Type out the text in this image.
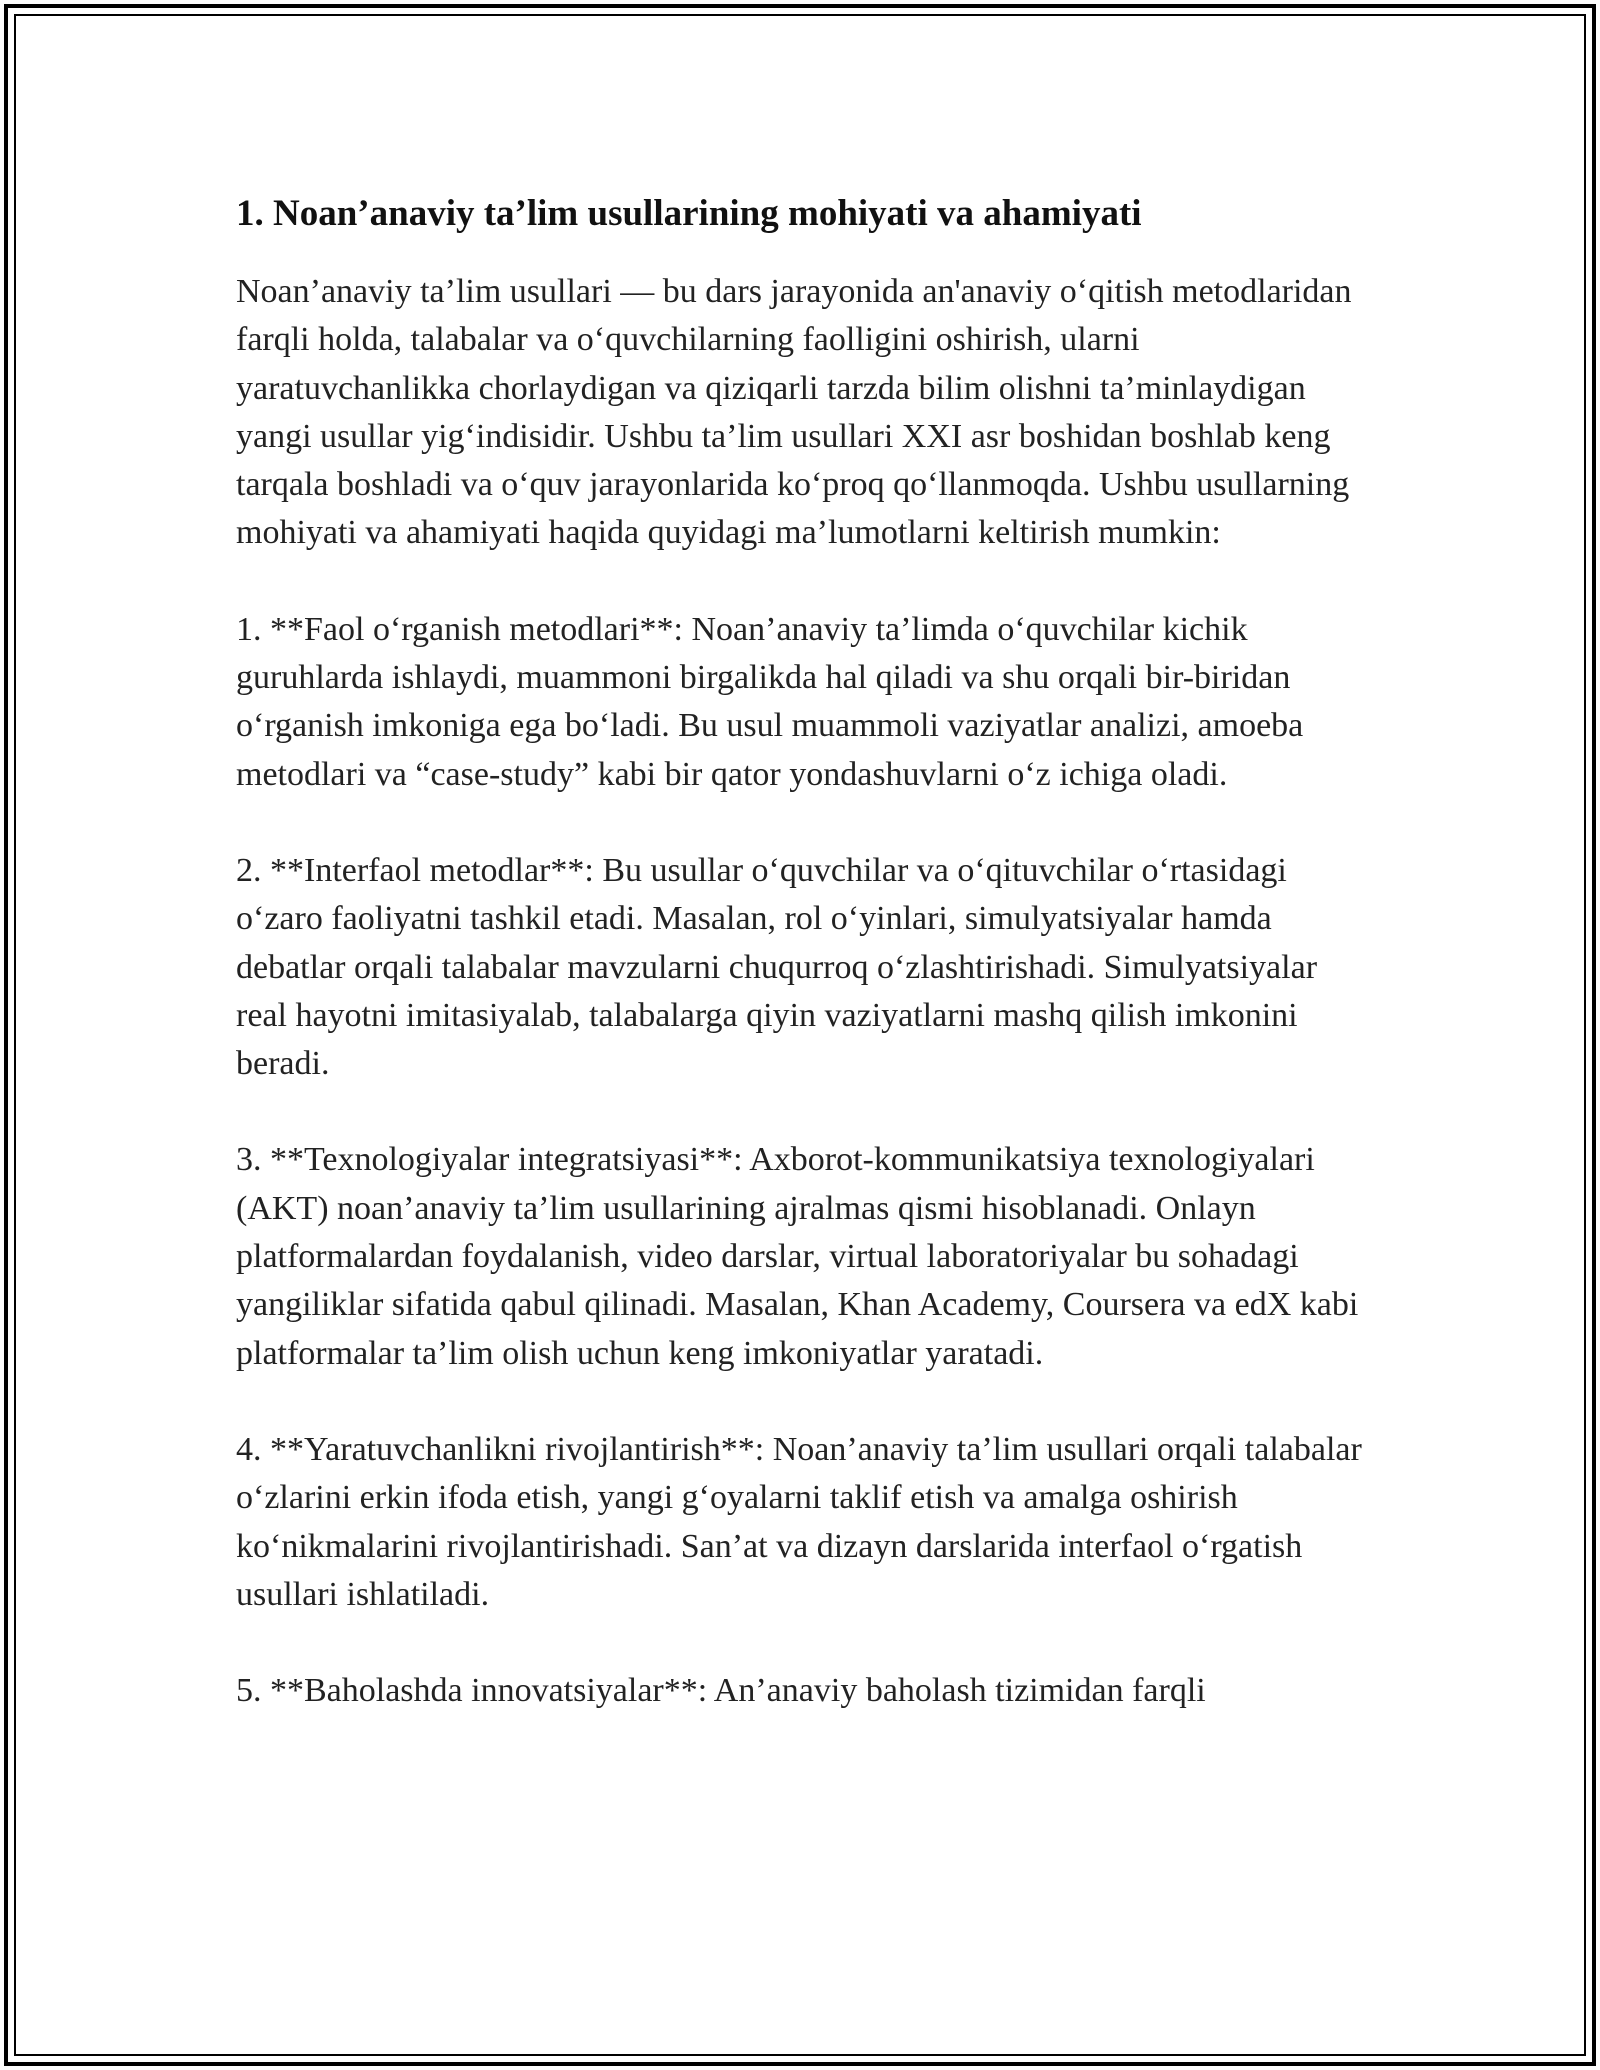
1. Noan’anaviy ta’lim usullarining mohiyati va ahamiyati

Noan’anaviy ta’lim usullari — bu dars jarayonida an'anaviy o‘qitish metodlaridan farqli holda, talabalar va o‘quvchilarning faolligini oshirish, ularni yaratuvchanlikka chorlaydigan va qiziqarli tarzda bilim olishni ta’minlaydigan yangi usullar yig‘indisidir. Ushbu ta’lim usullari XXI asr boshidan boshlab keng tarqala boshladi va o‘quv jarayonlarida ko‘proq qo‘llanmoqda. Ushbu usullarning mohiyati va ahamiyati haqida quyidagi ma’lumotlarni keltirish mumkin:

1. **Faol o‘rganish metodlari**: Noan’anaviy ta’limda o‘quvchilar kichik guruhlarda ishlaydi, muammoni birgalikda hal qiladi va shu orqali bir-biridan o‘rganish imkoniga ega bo‘ladi. Bu usul muammoli vaziyatlar analizi, amoeba metodlari va “case-study” kabi bir qator yondashuvlarni o‘z ichiga oladi.

2. **Interfaol metodlar**: Bu usullar o‘quvchilar va o‘qituvchilar o‘rtasidagi o‘zaro faoliyatni tashkil etadi. Masalan, rol o‘yinlari, simulyatsiyalar hamda debatlar orqali talabalar mavzularni chuqurroq o‘zlashtirishadi. Simulyatsiyalar real hayotni imitasiyalab, talabalarga qiyin vaziyatlarni mashq qilish imkonini beradi.

3. **Texnologiyalar integratsiyasi**: Axborot-kommunikatsiya texnologiyalari (AKT) noan’anaviy ta’lim usullarining ajralmas qismi hisoblanadi. Onlayn platformalardan foydalanish, video darslar, virtual laboratoriyalar bu sohadagi yangiliklar sifatida qabul qilinadi. Masalan, Khan Academy, Coursera va edX kabi platformalar ta’lim olish uchun keng imkoniyatlar yaratadi.

4. **Yaratuvchanlikni rivojlantirish**: Noan’anaviy ta’lim usullari orqali talabalar o‘zlarini erkin ifoda etish, yangi g‘oyalarni taklif etish va amalga oshirish ko‘nikmalarini rivojlantirishadi. San’at va dizayn darslarida interfaol o‘rgatish usullari ishlatiladi.

5. **Baholashda innovatsiyalar**: An’anaviy baholash tizimidan farqli
